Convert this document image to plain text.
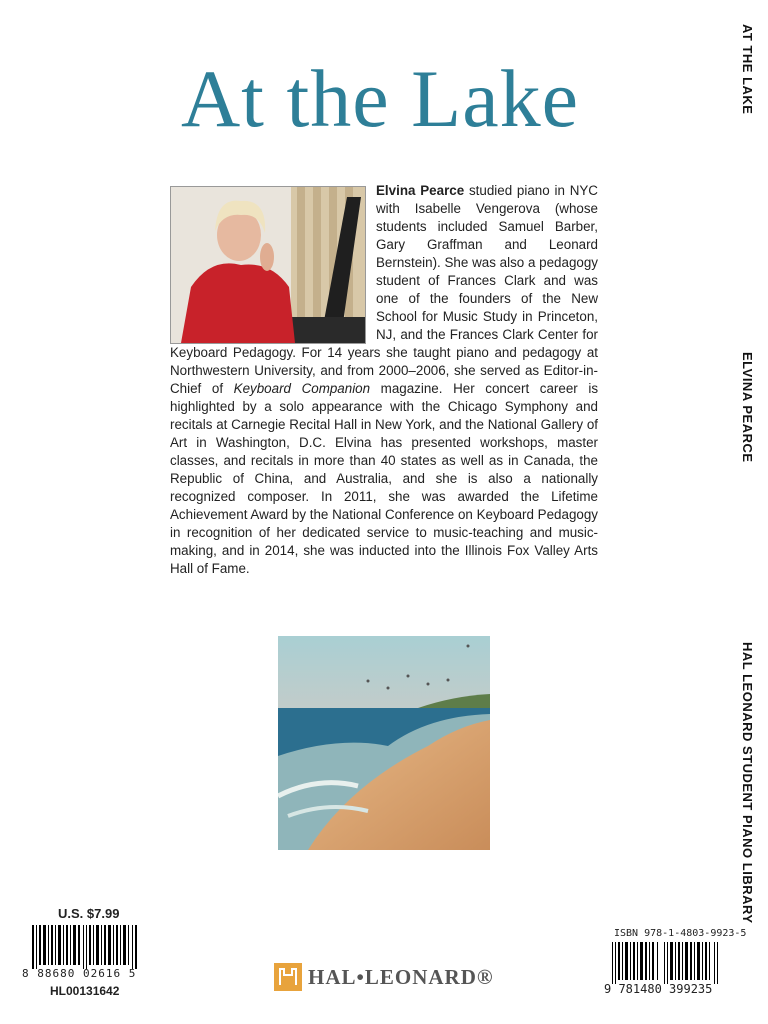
At the Lake	AT THE LAKE
ELVINA PEARCE
HAL LEONARD STUDENT PIANO LIBRARY

Elvina Pearce studied piano in NYC with Isabelle Vengerova (whose students included Samuel Barber, Gary Graffman and Leonard Bernstein). She was also a pedagogy student of Frances Clark and was one of the founders of the New School for Music Study in Princeton, NJ, and the Frances Clark Center for Keyboard Pedagogy. For 14 years she taught piano and pedagogy at Northwestern University, and from 2000–2006, she served as Editor-in-Chief of Keyboard Companion magazine. Her concert career is highlighted by a solo appearance with the Chicago Symphony and recitals at Carnegie Recital Hall in New York, and the National Gallery of Art in Washington, D.C. Elvina has presented workshops, master classes, and recitals in more than 40 states as well as in Canada, the Republic of China, and Australia, and she is also a nationally recognized composer. In 2011, she was awarded the Lifetime Achievement Award by the National Conference on Keyboard Pedagogy in recognition of her dedicated service to music-teaching and music-making, and in 2014, she was inducted into the Illinois Fox Valley Arts Hall of Fame.

U.S. $7.99
8 88680 02616 5
HL00131642
HAL•LEONARD®
ISBN 978-1-4803-9923-5
9 781480 399235
